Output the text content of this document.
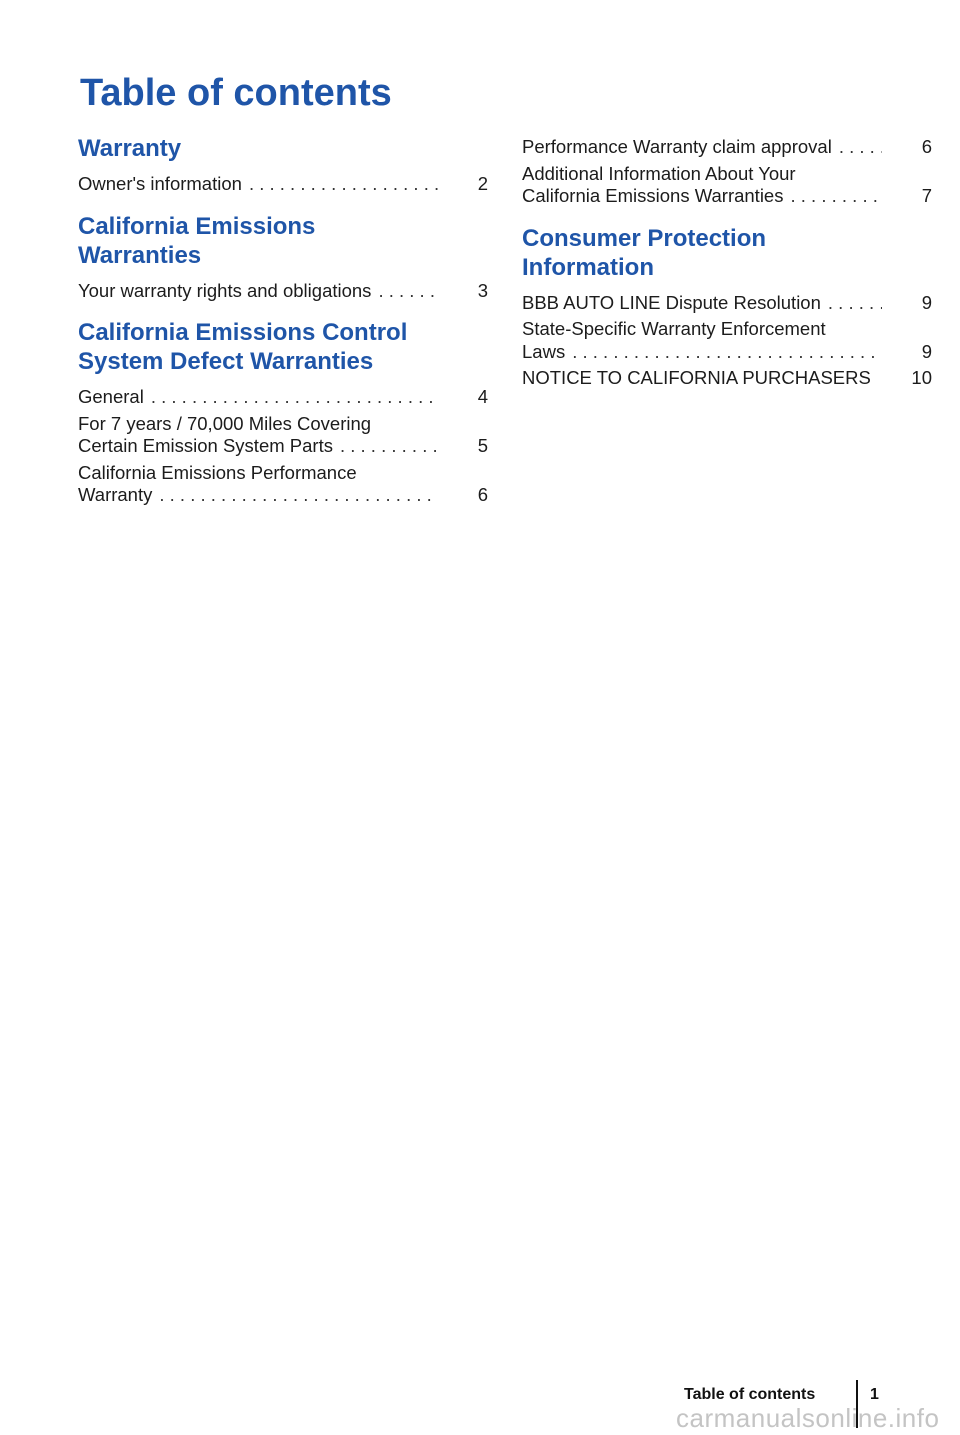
Table of contents
Warranty
Owner's information . . .	2
California Emissions
Warranties
Your warranty rights and obligations . . .	3
California Emissions Control
System Defect Warranties
General . . .	4
For 7 years / 70,000 Miles Covering
Certain Emission System Parts . . .	5
California Emissions Performance
Warranty . . .	6
Performance Warranty claim approval . . .	6
Additional Information About Your
California Emissions Warranties . . .	7
Consumer Protection
Information
BBB AUTO LINE Dispute Resolution . . .	9
State-Specific Warranty Enforcement
Laws . . .	9
NOTICE TO CALIFORNIA PURCHASERS	10
Table of contents	1
carmanualsonline.info
